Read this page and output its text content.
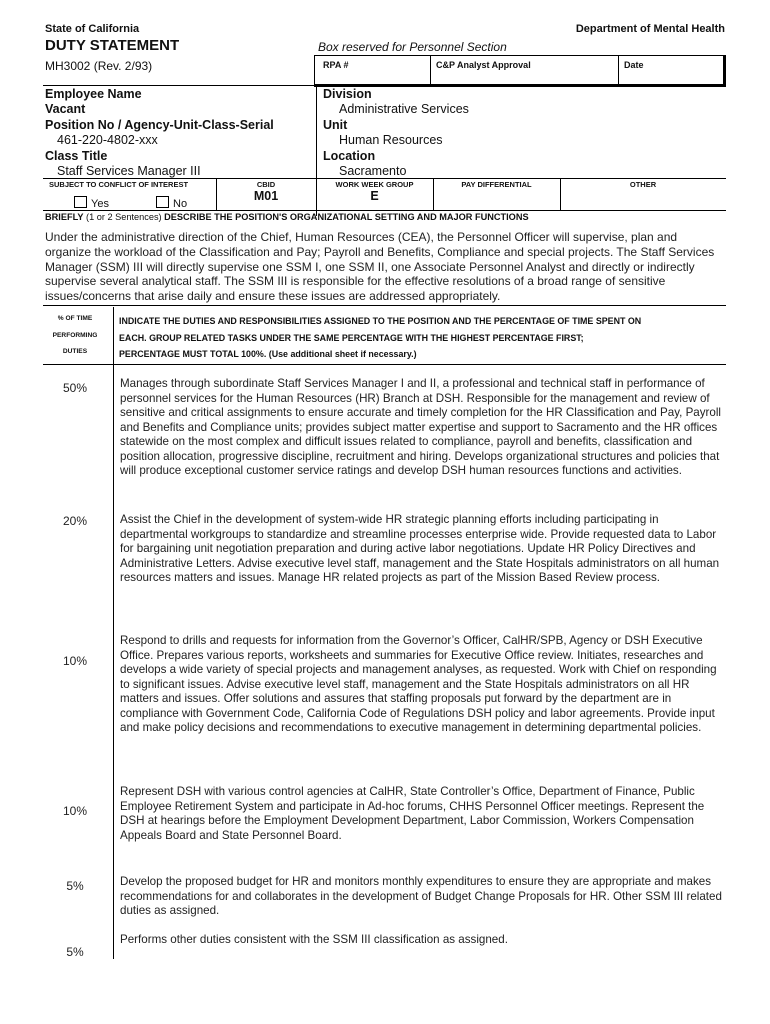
State of California	Department of Mental Health
DUTY STATEMENT
MH3002 (Rev. 2/93)
Box reserved for Personnel Section
RPA #	C&P Analyst Approval	Date
Employee Name
Vacant
Position No / Agency-Unit-Class-Serial
461-220-4802-xxx
Class Title
Staff Services Manager III
Division
Administrative Services
Unit
Human Resources
Location
Sacramento
SUBJECT TO CONFLICT OF INTEREST
Yes	No
CBID
M01
WORK WEEK GROUP
E
PAY DIFFERENTIAL	OTHER
BRIEFLY (1 or 2 Sentences) DESCRIBE THE POSITION'S ORGANIZATIONAL SETTING AND MAJOR FUNCTIONS
Under the administrative direction of the Chief, Human Resources (CEA), the Personnel Officer will supervise, plan and organize the workload of the Classification and Pay; Payroll and Benefits, Compliance and special projects. The Staff Services Manager (SSM) III will directly supervise one SSM I, one SSM II, one Associate Personnel Analyst and directly or indirectly supervise several analytical staff. The SSM III is responsible for the effective resolutions of a broad range of sensitive issues/concerns that arise daily and ensure these issues are addressed appropriately.
% OF TIME
PERFORMING
DUTIES
INDICATE THE DUTIES AND RESPONSIBILITIES ASSIGNED TO THE POSITION AND THE PERCENTAGE OF TIME SPENT ON
EACH. GROUP RELATED TASKS UNDER THE SAME PERCENTAGE WITH THE HIGHEST PERCENTAGE FIRST;
PERCENTAGE MUST TOTAL 100%. (Use additional sheet if necessary.)
50%	Manages through subordinate Staff Services Manager I and II, a professional and technical staff in performance of personnel services for the Human Resources (HR) Branch at DSH. Responsible for the management and review of sensitive and critical assignments to ensure accurate and timely completion for the HR Classification and Pay, Payroll and Benefits and Compliance units; provides subject matter expertise and support to Sacramento and the HR offices statewide on the most complex and difficult issues related to compliance, payroll and benefits, classification and position allocation, progressive discipline, recruitment and hiring. Develops organizational structures and policies that will produce exceptional customer service ratings and develop DSH human resources functions and activities.
20%	Assist the Chief in the development of system-wide HR strategic planning efforts including participating in departmental workgroups to standardize and streamline processes enterprise wide. Provide requested data to Labor for bargaining unit negotiation preparation and during active labor negotiations. Update HR Policy Directives and Administrative Letters. Advise executive level staff, management and the State Hospitals administrators on all human resources matters and issues. Manage HR related projects as part of the Mission Based Review process.
10%
Respond to drills and requests for information from the Governor’s Officer, CalHR/SPB, Agency or DSH Executive Office. Prepares various reports, worksheets and summaries for Executive Office review. Initiates, researches and develops a wide variety of special projects and management analyses, as requested. Work with Chief on responding to significant issues. Advise executive level staff, management and the State Hospitals administrators on all HR matters and issues. Offer solutions and assures that staffing proposals put forward by the department are in compliance with Government Code, California Code of Regulations DSH policy and labor agreements. Provide input and make policy decisions and recommendations to executive management in determining departmental policies.
10%
Represent DSH with various control agencies at CalHR, State Controller’s Office, Department of Finance, Public Employee Retirement System and participate in Ad-hoc forums, CHHS Personnel Officer meetings. Represent the DSH at hearings before the Employment Development Department, Labor Commission, Workers Compensation Appeals Board and State Personnel Board.
5%	Develop the proposed budget for HR and monitors monthly expenditures to ensure they are appropriate and makes recommendations for and collaborates in the development of Budget Change Proposals for HR. Other SSM III related duties as assigned.
5%
Performs other duties consistent with the SSM III classification as assigned.
